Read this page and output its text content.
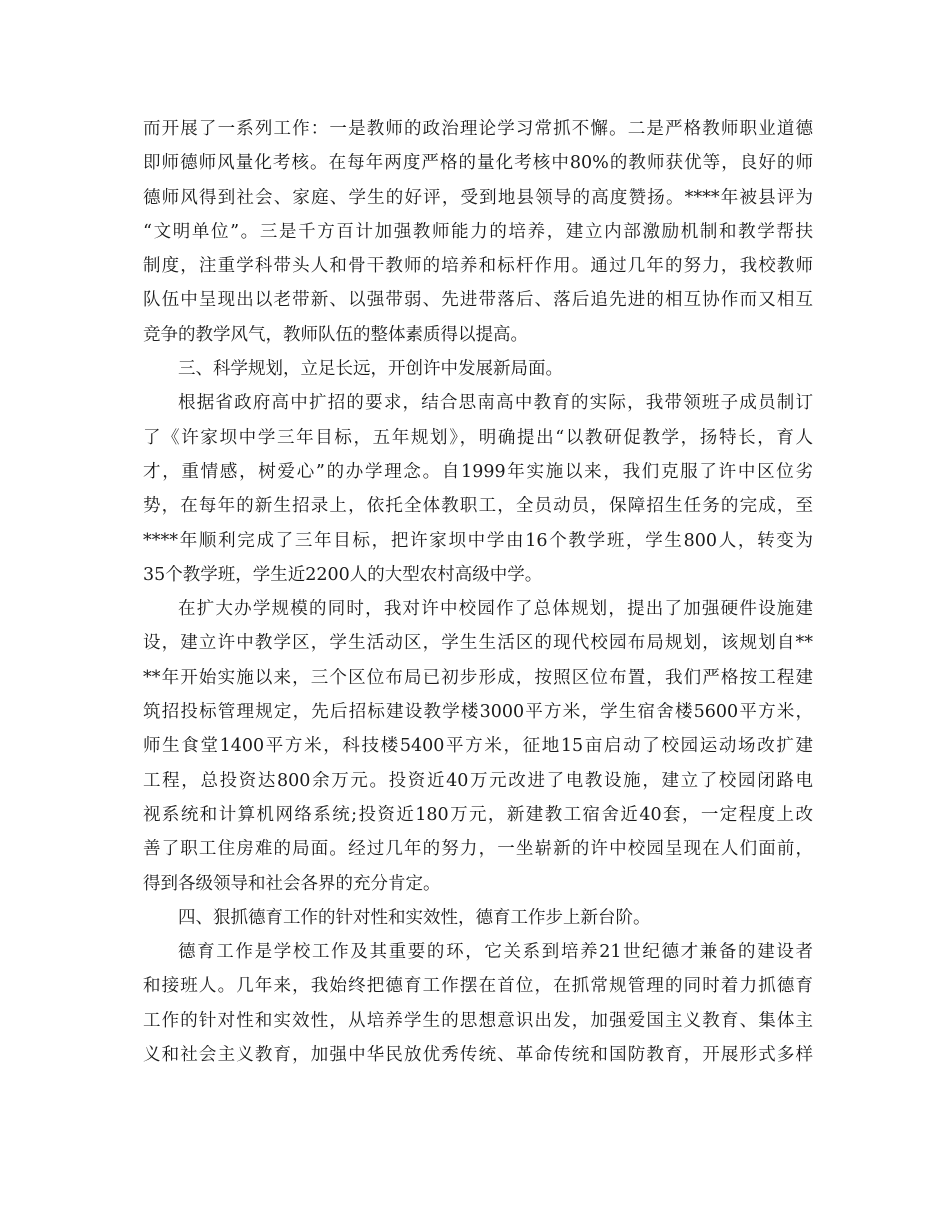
而开展了一系列工作：一是教师的政治理论学习常抓不懈。二是严格教师职业道德
即师德师风量化考核。在每年两度严格的量化考核中80%的教师获优等，良好的师
德师风得到社会、家庭、学生的好评，受到地县领导的高度赞扬。****年被县评为
“文明单位”。三是千方百计加强教师能力的培养，建立内部激励机制和教学帮扶
制度，注重学科带头人和骨干教师的培养和标杆作用。通过几年的努力，我校教师
队伍中呈现出以老带新、以强带弱、先进带落后、落后追先进的相互协作而又相互
竞争的教学风气，教师队伍的整体素质得以提高。
三、科学规划，立足长远，开创许中发展新局面。
根据省政府高中扩招的要求，结合思南高中教育的实际，我带领班子成员制订
了《许家坝中学三年目标，五年规划》，明确提出“以教研促教学，扬特长，育人
才，重情感，树爱心”的办学理念。自1999年实施以来，我们克服了许中区位劣
势，在每年的新生招录上，依托全体教职工，全员动员，保障招生任务的完成，至
****年顺利完成了三年目标，把许家坝中学由16个教学班，学生800人，转变为
35个教学班，学生近2200人的大型农村高级中学。
在扩大办学规模的同时，我对许中校园作了总体规划，提出了加强硬件设施建
设，建立许中教学区，学生活动区，学生生活区的现代校园布局规划，该规划自**
**年开始实施以来，三个区位布局已初步形成，按照区位布置，我们严格按工程建
筑招投标管理规定，先后招标建设教学楼3000平方米，学生宿舍楼5600平方米，
师生食堂1400平方米，科技楼5400平方米，征地15亩启动了校园运动场改扩建
工程，总投资达800余万元。投资近40万元改进了电教设施，建立了校园闭路电
视系统和计算机网络系统;投资近180万元，新建教工宿舍近40套，一定程度上改
善了职工住房难的局面。经过几年的努力，一坐崭新的许中校园呈现在人们面前，
得到各级领导和社会各界的充分肯定。
四、狠抓德育工作的针对性和实效性，德育工作步上新台阶。
德育工作是学校工作及其重要的环，它关系到培养21世纪德才兼备的建设者
和接班人。几年来，我始终把德育工作摆在首位，在抓常规管理的同时着力抓德育
工作的针对性和实效性，从培养学生的思想意识出发，加强爱国主义教育、集体主
义和社会主义教育，加强中华民放优秀传统、革命传统和国防教育，开展形式多样
